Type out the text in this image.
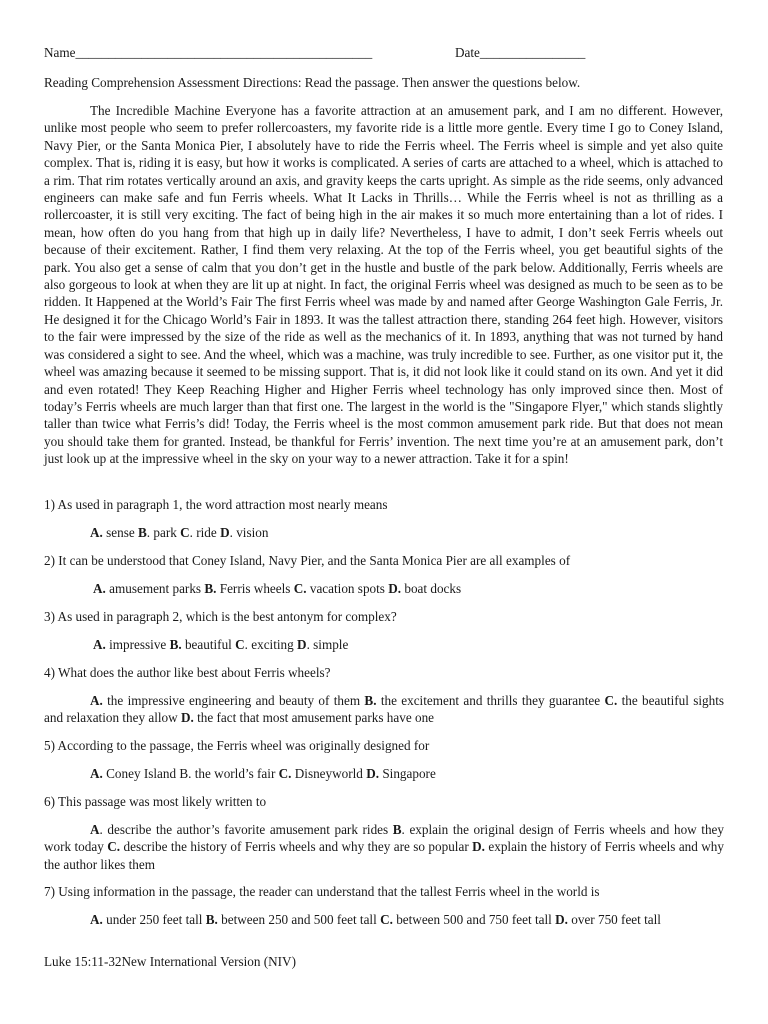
Name_____________________________________________	Date________________
Reading Comprehension Assessment Directions: Read the passage. Then answer the questions below.
The Incredible Machine Everyone has a favorite attraction at an amusement park, and I am no different. However, unlike most people who seem to prefer rollercoasters, my favorite ride is a little more gentle. Every time I go to Coney Island, Navy Pier, or the Santa Monica Pier, I absolutely have to ride the Ferris wheel. The Ferris wheel is simple and yet also quite complex. That is, riding it is easy, but how it works is complicated. A series of carts are attached to a wheel, which is attached to a rim. That rim rotates vertically around an axis, and gravity keeps the carts upright. As simple as the ride seems, only advanced engineers can make safe and fun Ferris wheels. What It Lacks in Thrills… While the Ferris wheel is not as thrilling as a rollercoaster, it is still very exciting. The fact of being high in the air makes it so much more entertaining than a lot of rides. I mean, how often do you hang from that high up in daily life? Nevertheless, I have to admit, I don’t seek Ferris wheels out because of their excitement. Rather, I find them very relaxing. At the top of the Ferris wheel, you get beautiful sights of the park. You also get a sense of calm that you don’t get in the hustle and bustle of the park below. Additionally, Ferris wheels are also gorgeous to look at when they are lit up at night. In fact, the original Ferris wheel was designed as much to be seen as to be ridden. It Happened at the World’s Fair The first Ferris wheel was made by and named after George Washington Gale Ferris, Jr. He designed it for the Chicago World’s Fair in 1893. It was the tallest attraction there, standing 264 feet high. However, visitors to the fair were impressed by the size of the ride as well as the mechanics of it. In 1893, anything that was not turned by hand was considered a sight to see. And the wheel, which was a machine, was truly incredible to see. Further, as one visitor put it, the wheel was amazing because it seemed to be missing support. That is, it did not look like it could stand on its own. And yet it did and even rotated! They Keep Reaching Higher and Higher Ferris wheel technology has only improved since then. Most of today’s Ferris wheels are much larger than that first one. The largest in the world is the "Singapore Flyer," which stands slightly taller than twice what Ferris’s did! Today, the Ferris wheel is the most common amusement park ride. But that does not mean you should take them for granted. Instead, be thankful for Ferris’ invention. The next time you’re at an amusement park, don’t just look up at the impressive wheel in the sky on your way to a newer attraction. Take it for a spin!
1) As used in paragraph 1, the word attraction most nearly means
A. sense B. park C. ride D. vision
2) It can be understood that Coney Island, Navy Pier, and the Santa Monica Pier are all examples of
A. amusement parks B. Ferris wheels C. vacation spots D. boat docks
3) As used in paragraph 2, which is the best antonym for complex?
A. impressive B. beautiful C. exciting D. simple
4) What does the author like best about Ferris wheels?
A. the impressive engineering and beauty of them B. the excitement and thrills they guarantee C. the beautiful sights and relaxation they allow D. the fact that most amusement parks have one
5) According to the passage, the Ferris wheel was originally designed for
A. Coney Island B. the world’s fair C. Disneyworld D. Singapore
6) This passage was most likely written to
A. describe the author’s favorite amusement park rides B. explain the original design of Ferris wheels and how they work today C. describe the history of Ferris wheels and why they are so popular D. explain the history of Ferris wheels and why the author likes them
7) Using information in the passage, the reader can understand that the tallest Ferris wheel in the world is
A. under 250 feet tall B. between 250 and 500 feet tall C. between 500 and 750 feet tall D. over 750 feet tall
Luke 15:11-32New International Version (NIV)
